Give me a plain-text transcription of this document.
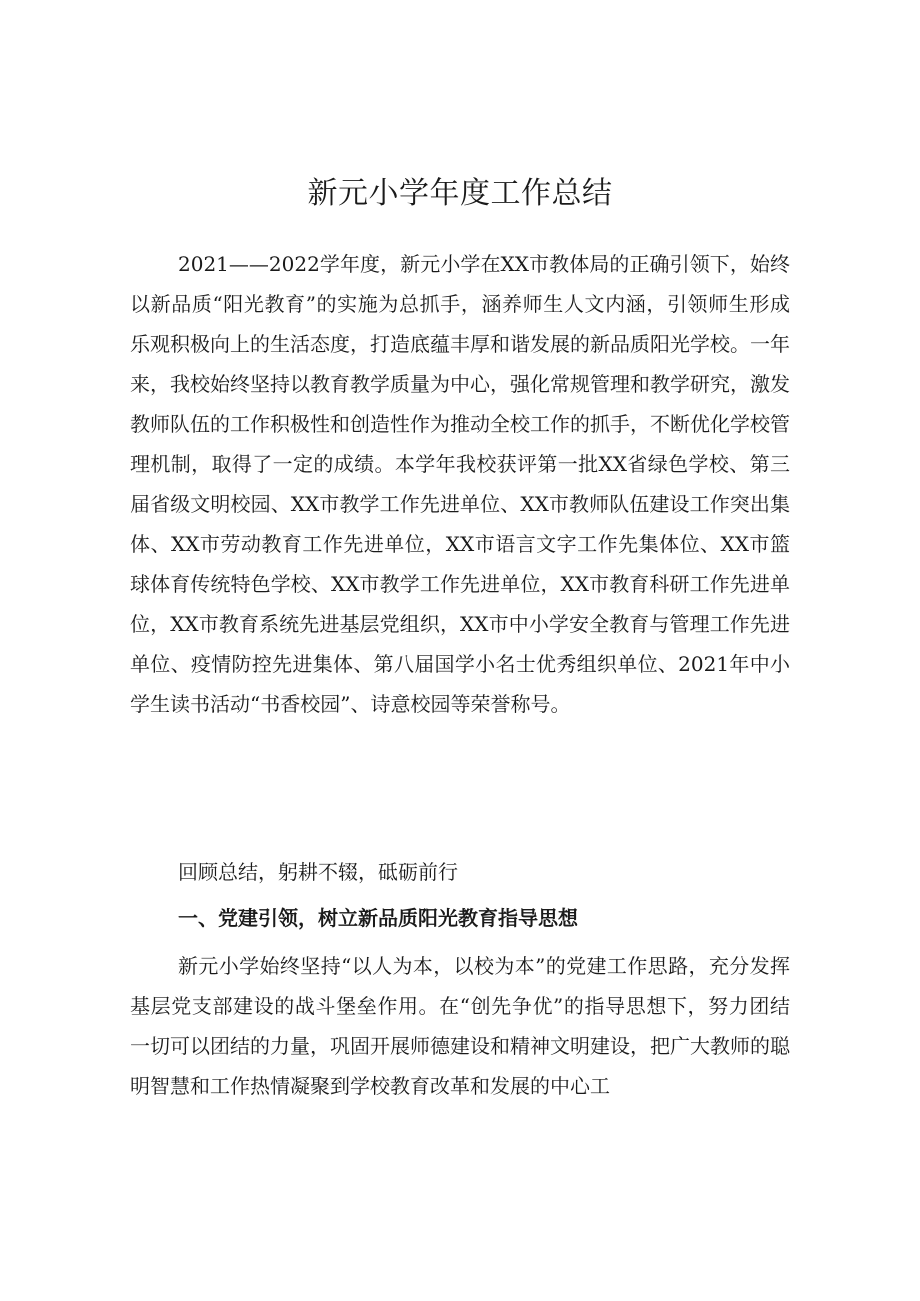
新元小学年度工作总结

2021——2022学年度，新元小学在XX市教体局的正确引领下，始终以新品质“阳光教育”的实施为总抓手，涵养师生人文内涵，引领师生形成乐观积极向上的生活态度，打造底蕴丰厚和谐发展的新品质阳光学校。一年来，我校始终坚持以教育教学质量为中心，强化常规管理和教学研究，激发教师队伍的工作积极性和创造性作为推动全校工作的抓手，不断优化学校管理机制，取得了一定的成绩。本学年我校获评第一批XX省绿色学校、第三届省级文明校园、XX市教学工作先进单位、XX市教师队伍建设工作突出集体、XX市劳动教育工作先进单位，XX市语言文字工作先集体位、XX市篮球体育传统特色学校、XX市教学工作先进单位，XX市教育科研工作先进单位，XX市教育系统先进基层党组织，XX市中小学安全教育与管理工作先进单位、疫情防控先进集体、第八届国学小名士优秀组织单位、2021年中小学生读书活动“书香校园”、诗意校园等荣誉称号。

回顾总结，躬耕不辍，砥砺前行

一、党建引领，树立新品质阳光教育指导思想

新元小学始终坚持“以人为本，以校为本”的党建工作思路，充分发挥基层党支部建设的战斗堡垒作用。在“创先争优”的指导思想下，努力团结一切可以团结的力量，巩固开展师德建设和精神文明建设，把广大教师的聪明智慧和工作热情凝聚到学校教育改革和发展的中心工
